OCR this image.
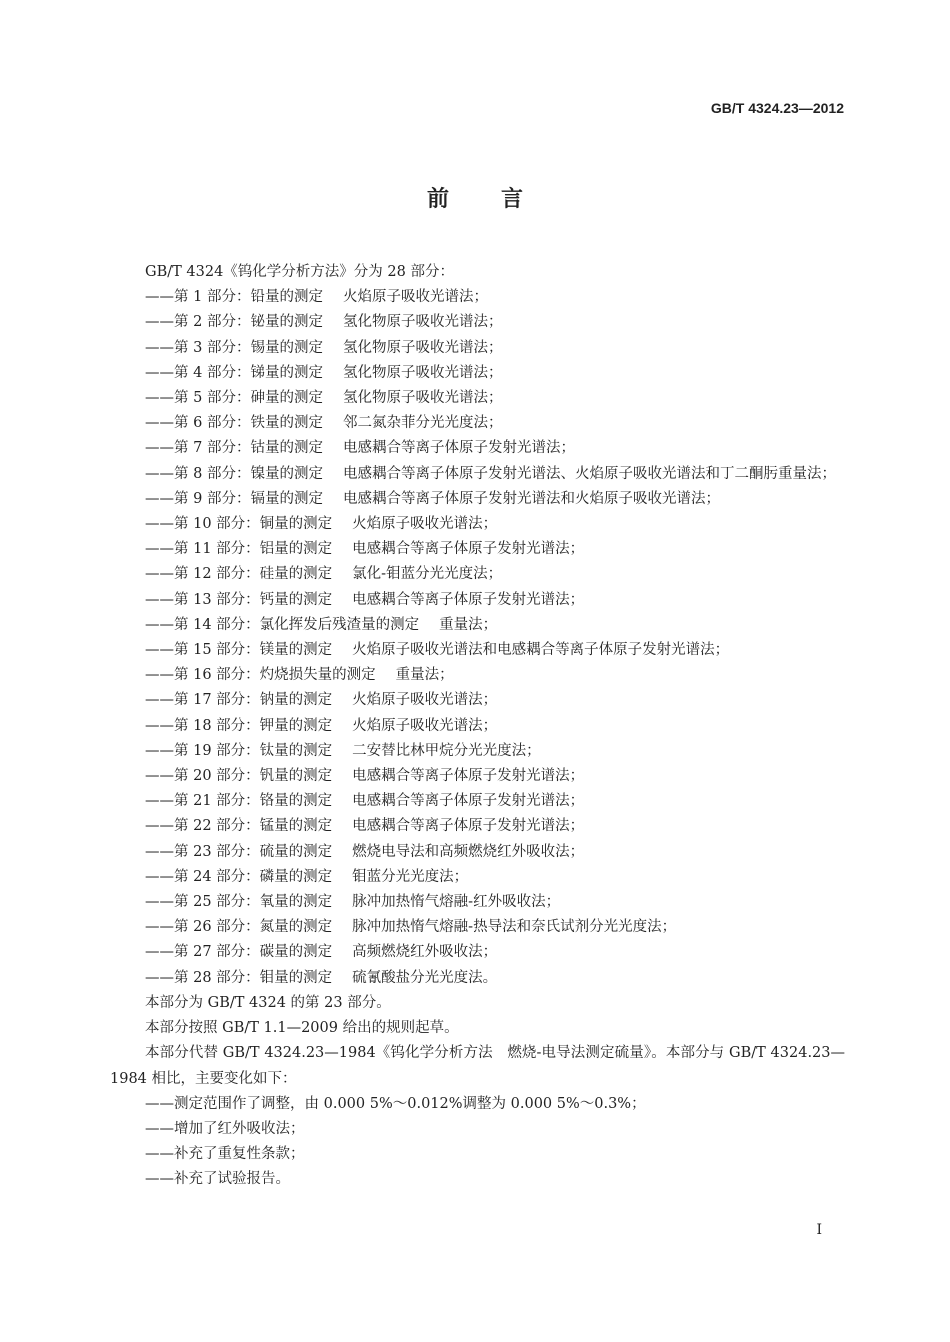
GB/T 4324.23—2012
前言

GB/T 4324《钨化学分析方法》分为 28 部分：

——第 1 部分：铅量的测定 火焰原子吸收光谱法；

——第 2 部分：铋量的测定 氢化物原子吸收光谱法；

——第 3 部分：锡量的测定 氢化物原子吸收光谱法；

——第 4 部分：锑量的测定 氢化物原子吸收光谱法；

——第 5 部分：砷量的测定 氢化物原子吸收光谱法；

——第 6 部分：铁量的测定 邻二氮杂菲分光光度法；

——第 7 部分：钴量的测定 电感耦合等离子体原子发射光谱法；

——第 8 部分：镍量的测定 电感耦合等离子体原子发射光谱法、火焰原子吸收光谱法和丁二酮肟重量法；

——第 9 部分：镉量的测定 电感耦合等离子体原子发射光谱法和火焰原子吸收光谱法；

——第 10 部分：铜量的测定 火焰原子吸收光谱法；

——第 11 部分：铝量的测定 电感耦合等离子体原子发射光谱法；

——第 12 部分：硅量的测定 氯化-钼蓝分光光度法；

——第 13 部分：钙量的测定 电感耦合等离子体原子发射光谱法；

——第 14 部分：氯化挥发后残渣量的测定 重量法；

——第 15 部分：镁量的测定 火焰原子吸收光谱法和电感耦合等离子体原子发射光谱法；

——第 16 部分：灼烧损失量的测定 重量法；

——第 17 部分：钠量的测定 火焰原子吸收光谱法；

——第 18 部分：钾量的测定 火焰原子吸收光谱法；

——第 19 部分：钛量的测定 二安替比林甲烷分光光度法；

——第 20 部分：钒量的测定 电感耦合等离子体原子发射光谱法；

——第 21 部分：铬量的测定 电感耦合等离子体原子发射光谱法；

——第 22 部分：锰量的测定 电感耦合等离子体原子发射光谱法；

——第 23 部分：硫量的测定 燃烧电导法和高频燃烧红外吸收法；

——第 24 部分：磷量的测定 钼蓝分光光度法；

——第 25 部分：氧量的测定 脉冲加热惰气熔融-红外吸收法；

——第 26 部分：氮量的测定 脉冲加热惰气熔融-热导法和奈氏试剂分光光度法；

——第 27 部分：碳量的测定 高频燃烧红外吸收法；

——第 28 部分：钼量的测定 硫氰酸盐分光光度法。

本部分为 GB/T 4324 的第 23 部分。

本部分按照 GB/T 1.1—2009 给出的规则起草。

本部分代替 GB/T 4324.23—1984《钨化学分析方法　燃烧-电导法测定硫量》。本部分与 GB/T 4324.23—1984 相比，主要变化如下：

——测定范围作了调整，由 0.000 5%～0.012%调整为 0.000 5%～0.3%；

——增加了红外吸收法；

——补充了重复性条款；

——补充了试验报告。

I
